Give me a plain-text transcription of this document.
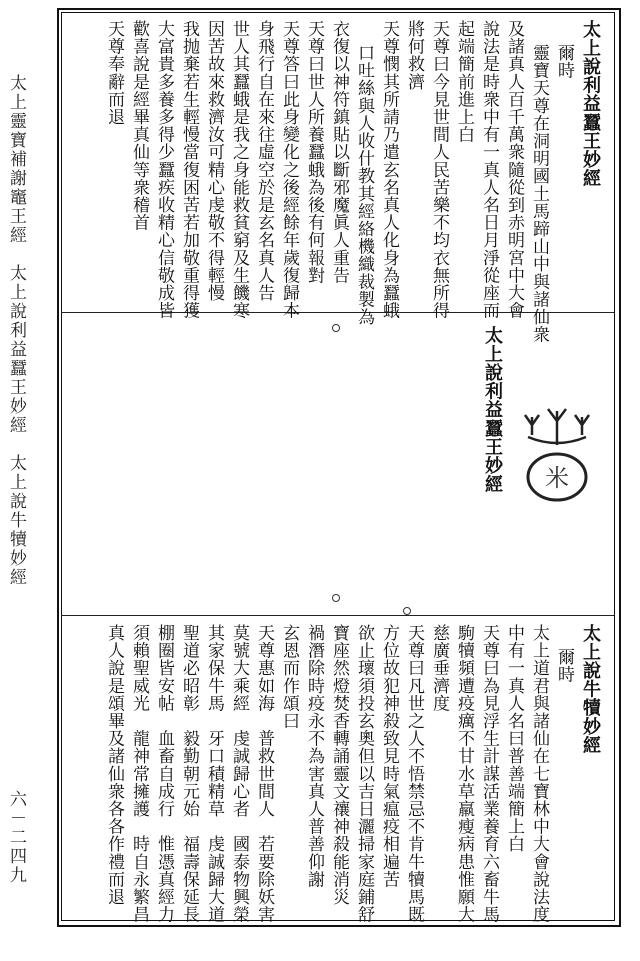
太上靈寶補謝竈王經　太上說利益蠶王妙經　太上說牛犢妙經
六－二四九
太上說利益蠶王妙經
爾時
靈寶天尊在洞明國土馬蹄山中與諸仙衆
及諸真人百千萬衆隨從到赤明宮中大會
說法是時衆中有一真人名日月淨從座而
起端簡前進上白
天尊曰今見世間人民苦樂不均衣無所得
將何救濟
天尊憫其所請乃遣玄名真人化身為蠶蛾
口吐絲與人收什教其經絡機織裁製為
衣復以神符鎮貼以斷邪魔眞人重告
天尊曰世人所養蠶蛾為後有何報對
天尊答曰此身變化之後經餘年歲復歸本
身飛行自在來往虛空於是玄名真人告
世人其蠶蛾是我之身能救貧窮及生饑寒
因苦故來救濟汝可精心虔敬不得輕慢
我抛棄若生輕慢當復困苦若加敬重得獲
大富貴多養多得少蠶疾收精心信敬成皆
歡喜說是經畢真仙等衆稽首
天尊奉辭而退
太上說利益蠶王妙經 米
太上說牛犢妙經
爾時
太上道君與諸仙在七寶林中大會說法度
中有一真人名曰普善端簡上白
天尊曰為見浮生計謀活業養育六畜牛馬
駒犢頻遭疫癘不甘水草羸瘦病患惟願大
慈廣垂濟度
天尊曰凡世之人不悟禁忌不肯牛犢馬既
方位故犯神殺致見時氣瘟疫相遍苦
欲止瓌須投玄奧但以吉日灑掃家庭鋪舒
寶座然燈焚香轉誦靈文禳神殺能消災
禍潛除時疫永不為害真人普善仰謝
玄恩而作頌曰
天尊惠如海　普救世間人　若要除妖害
莫號大乘經　虔誠歸心者　國泰物興榮
其家保牛馬　牙口積精草　虔誠歸大道
聖道必昭彰　毅勤朝元始　福壽保延長
棚圈皆安帖　血畜自成行　惟憑真經力
須賴聖威光　龍神常擁護　時自永繁昌
真人說是頌畢及諸仙衆各各作禮而退
